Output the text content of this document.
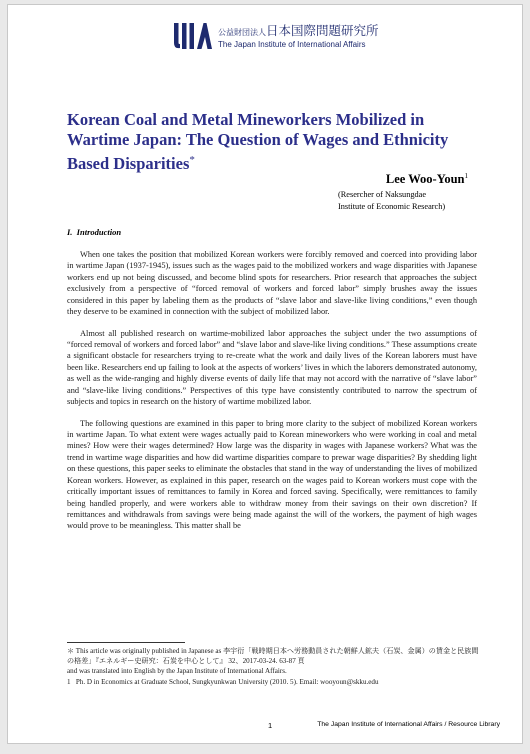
公益財団法人日本国際問題研究所
The Japan Institute of International Affairs
Korean Coal and Metal Mineworkers Mobilized in Wartime Japan: The Question of Wages and Ethnicity Based Disparities*
Lee Woo-Youn$^1$
(Resercher of Naksungdae
Institute of Economic Research)
I.  Introduction

When one takes the position that mobilized Korean workers were forcibly removed and coerced into providing labor in wartime Japan (1937-1945), issues such as the wages paid to the mobilized workers and wage disparities with Japanese workers end up not being discussed, and become blind spots for researchers. Prior research that approaches the subject exclusively from a perspective of “forced removal of workers and forced labor” simply brushes away the issues considered in this paper by labeling them as the products of “slave labor and slave-like living conditions,” even though they deserve to be examined in connection with the subject of mobilized labor.

Almost all published research on wartime-mobilized labor approaches the subject under the two assumptions of “forced removal of workers and forced labor” and “slave labor and slave-like living conditions.” These assumptions create a significant obstacle for researchers trying to re-create what the work and daily lives of the Korean laborers must have been like. Researchers end up failing to look at the aspects of workers’ lives in which the laborers demonstrated autonomy, as well as the wide-ranging and highly diverse events of daily life that may not accord with the narrative of “slave labor” and “slave-like living conditions.” Perspectives of this type have consistently contributed to narrow the spectrum of subjects and topics in research on the history of wartime mobilized labor.

The following questions are examined in this paper to bring more clarity to the subject of mobilized Korean workers in wartime Japan. To what extent were wages actually paid to Korean mineworkers who were working in coal and metal mines? How were their wages determined? How large was the disparity in wages with Japanese workers? What was the trend in wartime wage disparities and how did wartime disparities compare to prewar wage disparities? By shedding light on these questions, this paper seeks to eliminate the obstacles that stand in the way of understanding the lives of mobilized Korean workers. However, as explained in this paper, research on the wages paid to Korean workers must cope with the critically important issues of remittances to family in Korea and forced saving. Specifically, were remittances to family being handled properly, and were workers able to withdraw money from their savings on their own discretion? If remittances and withdrawals from savings were being made against the will of the workers, the payment of high wages would prove to be meaningless. This matter shall be

＊ This article was originally published in Japanese as 李宇衍「戦時期日本へ労務動員された朝鮮人鉱夫（石炭、金属）の賃金と民族間の格差」『エネルギー史研究：石炭を中心として』 32、2017-03-24. 63-87 頁

and was translated into English by the Japan Institute of International Affairs.

1   Ph. D in Economics at Graduate School, Sungkyunkwan University (2010. 5). Email: wooyoun@skku.edu

1	The Japan Institute of International Affairs / Resource Library
